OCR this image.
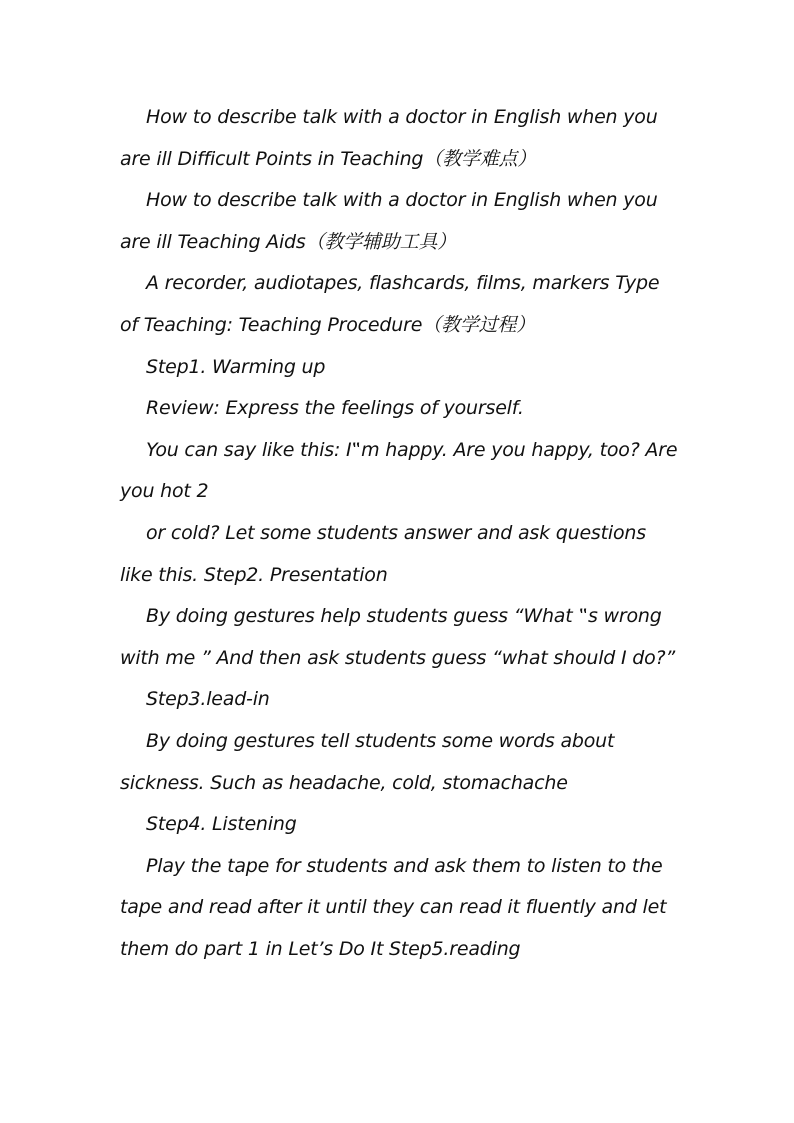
How to describe talk with a doctor in English when you are ill Difficult Points in Teaching（教学难点）

How to describe talk with a doctor in English when you are ill Teaching Aids（教学辅助工具）

A recorder, audiotapes, flashcards, films, markers Type of Teaching: Teaching Procedure（教学过程）

Step1. Warming up

Review: Express the feelings of yourself.

You can say like this: I‟m happy. Are you happy, too? Are you hot 2

or cold? Let some students answer and ask questions like this. Step2. Presentation

By doing gestures help students guess “What ‟s wrong with me ” And then ask students guess “what should I do?”

Step3.lead-in

By doing gestures tell students some words about sickness. Such as headache, cold, stomachache

Step4. Listening

Play the tape for students and ask them to listen to the tape and read after it until they can read it fluently and let them do part 1 in Let’s Do It Step5.reading
